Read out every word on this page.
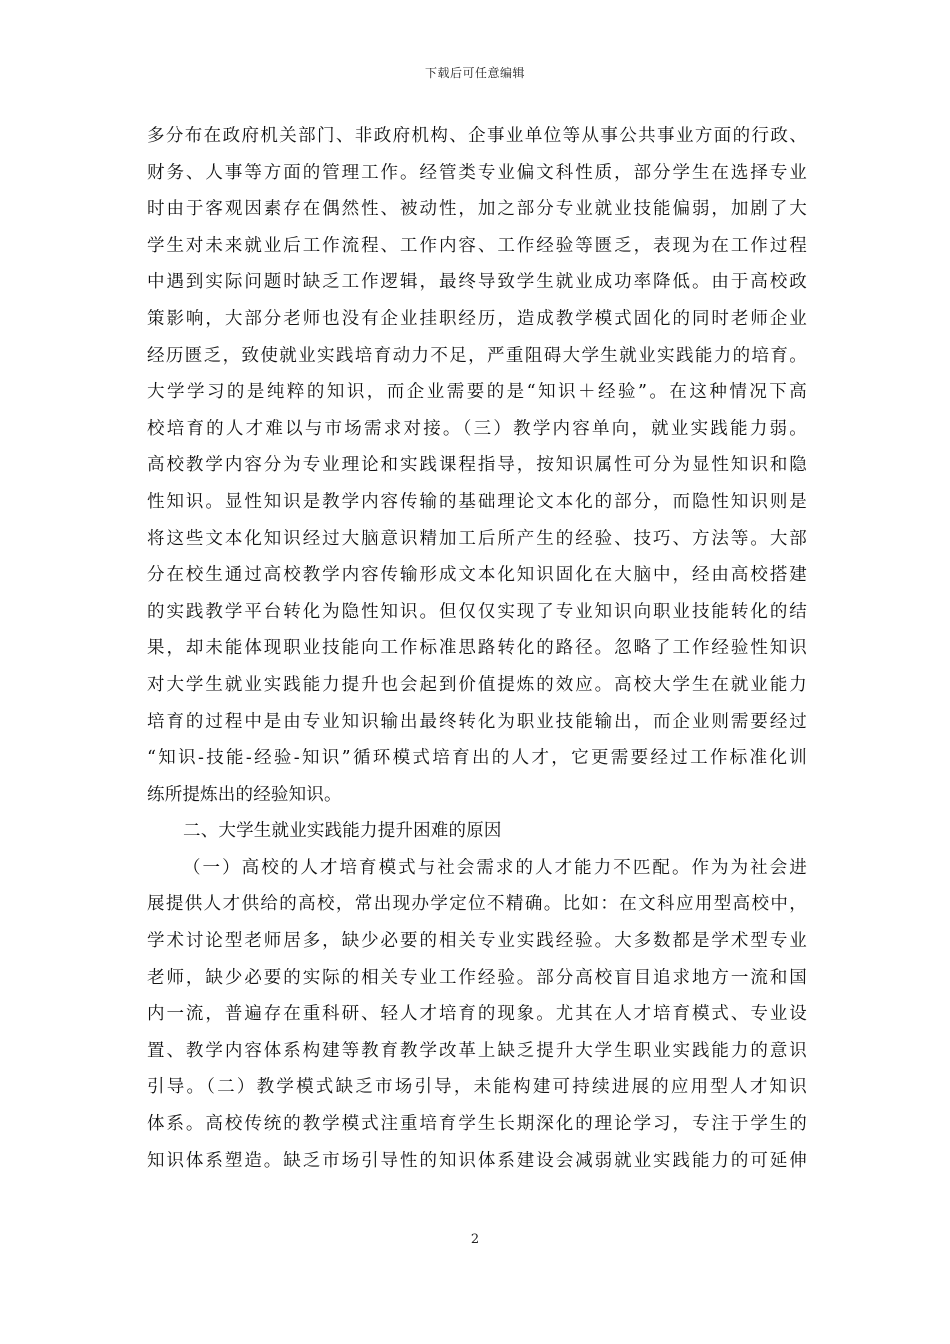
下载后可任意编辑
多分布在政府机关部门、非政府机构、企事业单位等从事公共事业方面的行政、
财务、人事等方面的管理工作。经管类专业偏文科性质，部分学生在选择专业
时由于客观因素存在偶然性、被动性，加之部分专业就业技能偏弱，加剧了大
学生对未来就业后工作流程、工作内容、工作经验等匮乏，表现为在工作过程
中遇到实际问题时缺乏工作逻辑，最终导致学生就业成功率降低。由于高校政
策影响，大部分老师也没有企业挂职经历，造成教学模式固化的同时老师企业
经历匮乏，致使就业实践培育动力不足，严重阻碍大学生就业实践能力的培育。
大学学习的是纯粹的知识，而企业需要的是“知识＋经验”。在这种情况下高
校培育的人才难以与市场需求对接。（三）教学内容单向，就业实践能力弱。
高校教学内容分为专业理论和实践课程指导，按知识属性可分为显性知识和隐
性知识。显性知识是教学内容传输的基础理论文本化的部分，而隐性知识则是
将这些文本化知识经过大脑意识精加工后所产生的经验、技巧、方法等。大部
分在校生通过高校教学内容传输形成文本化知识固化在大脑中，经由高校搭建
的实践教学平台转化为隐性知识。但仅仅实现了专业知识向职业技能转化的结
果，却未能体现职业技能向工作标准思路转化的路径。忽略了工作经验性知识
对大学生就业实践能力提升也会起到价值提炼的效应。高校大学生在就业能力
培育的过程中是由专业知识输出最终转化为职业技能输出，而企业则需要经过
“知识-技能-经验-知识”循环模式培育出的人才，它更需要经过工作标准化训
练所提炼出的经验知识。
二、大学生就业实践能力提升困难的原因
（一）高校的人才培育模式与社会需求的人才能力不匹配。作为为社会进
展提供人才供给的高校，常出现办学定位不精确。比如：在文科应用型高校中，
学术讨论型老师居多，缺少必要的相关专业实践经验。大多数都是学术型专业
老师，缺少必要的实际的相关专业工作经验。部分高校盲目追求地方一流和国
内一流，普遍存在重科研、轻人才培育的现象。尤其在人才培育模式、专业设
置、教学内容体系构建等教育教学改革上缺乏提升大学生职业实践能力的意识
引导。（二）教学模式缺乏市场引导，未能构建可持续进展的应用型人才知识
体系。高校传统的教学模式注重培育学生长期深化的理论学习，专注于学生的
知识体系塑造。缺乏市场引导性的知识体系建设会减弱就业实践能力的可延伸
2
